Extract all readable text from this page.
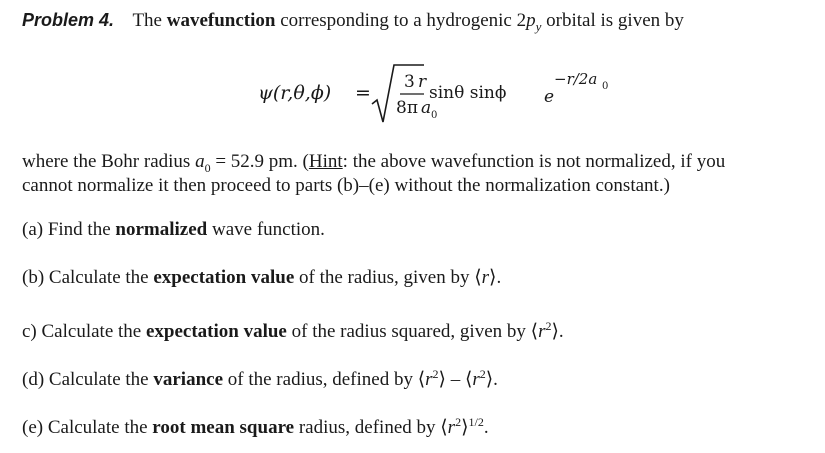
Problem 4. The wavefunction corresponding to a hydrogenic $2p_y$ orbital is given by
ψ(r,θ,ϕ) = 3 r
8π a 0
sinθ sinϕ e
−r/2a 0
where the Bohr radius $a_0 = 52.9$ pm. (Hint: the above wavefunction is not normalized, if you
cannot normalize it then proceed to parts (b)–(e) without the normalization constant.)
(a) Find the normalized wave function.
(b) Calculate the expectation value of the radius, given by ⟨r⟩.
c) Calculate the expectation value of the radius squared, given by $⟨r^2⟩$.
(d) Calculate the variance of the radius, defined by $⟨r^2⟩$ – $⟨r^2⟩$.
(e) Calculate the root mean square radius, defined by $⟨r^2⟩^{1/2}$.
